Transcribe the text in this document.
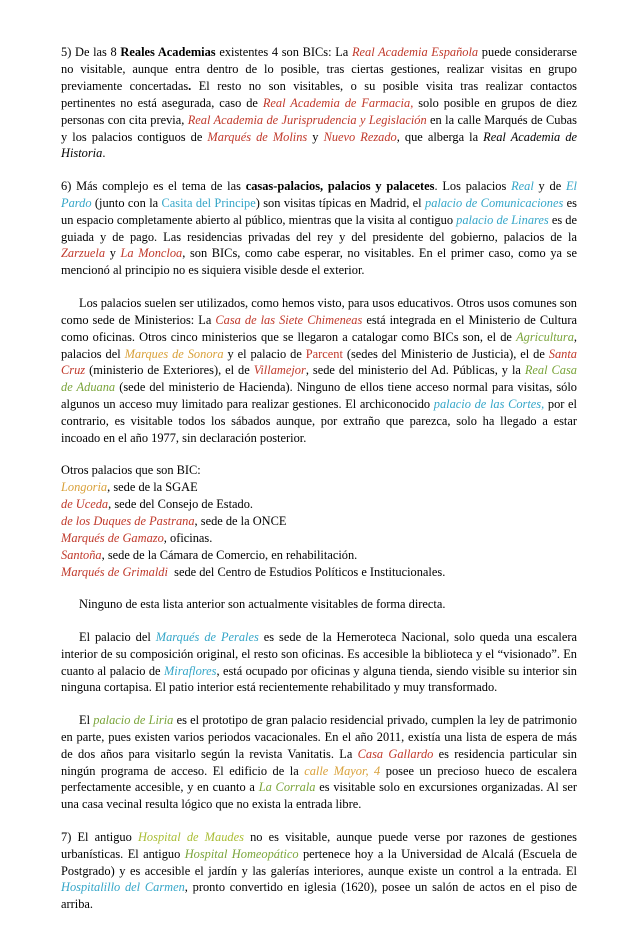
5) De las 8 Reales Academias existentes 4 son BICs: La Real Academia Española puede considerarse no visitable, aunque entra dentro de lo posible, tras ciertas gestiones, realizar visitas en grupo previamente concertadas. El resto no son visitables, o su posible visita tras realizar contactos pertinentes no está asegurada, caso de Real Academia de Farmacia, solo posible en grupos de diez personas con cita previa, Real Academia de Jurisprudencia y Legislación en la calle Marqués de Cubas y los palacios contiguos de Marqués de Molins y Nuevo Rezado, que alberga la Real Academia de Historia.

6) Más complejo es el tema de las casas-palacios, palacios y palacetes. Los palacios Real y de El Pardo (junto con la Casita del Principe) son visitas típicas en Madrid, el palacio de Comunicaciones es un espacio completamente abierto al público, mientras que la visita al contiguo palacio de Linares es de guiada y de pago. Las residencias privadas del rey y del presidente del gobierno, palacios de la Zarzuela y La Moncloa, son BICs, como cabe esperar, no visitables. En el primer caso, como ya se mencionó al principio no es siquiera visible desde el exterior.

Los palacios suelen ser utilizados, como hemos visto, para usos educativos. Otros usos comunes son como sede de Ministerios: La Casa de las Siete Chimeneas está integrada en el Ministerio de Cultura como oficinas. Otros cinco ministerios que se llegaron a catalogar como BICs son, el de Agricultura, palacios del Marques de Sonora y el palacio de Parcent (sedes del Ministerio de Justicia), el de Santa Cruz (ministerio de Exteriores), el de Villamejor, sede del ministerio del Ad. Públicas, y la Real Casa de Aduana (sede del ministerio de Hacienda). Ninguno de ellos tiene acceso normal para visitas, sólo algunos un acceso muy limitado para realizar gestiones. El archiconocido palacio de las Cortes, por el contrario, es visitable todos los sábados aunque, por extraño que parezca, solo ha llegado a estar incoado en el año 1977, sin declaración posterior.

Otros palacios que son BIC:
Longoria, sede de la SGAE
de Uceda, sede del Consejo de Estado.
de los Duques de Pastrana, sede de la ONCE
Marqués de Gamazo, oficinas.
Santoña, sede de la Cámara de Comercio, en rehabilitación.
Marqués de Grimaldi  sede del Centro de Estudios Políticos e Institucionales.

Ninguno de esta lista anterior son actualmente visitables de forma directa.

El palacio del Marqués de Perales es sede de la Hemeroteca Nacional, solo queda una escalera interior de su composición original, el resto son oficinas. Es accesible la biblioteca y el “visionado”. En cuanto al palacio de Miraflores, está ocupado por oficinas y alguna tienda, siendo visible su interior sin ninguna cortapisa. El patio interior está recientemente rehabilitado y muy transformado.

El palacio de Liria es el prototipo de gran palacio residencial privado, cumplen la ley de patrimonio en parte, pues existen varios periodos vacacionales. En el año 2011, existía una lista de espera de más de dos años para visitarlo según la revista Vanitatis. La Casa Gallardo es residencia particular sin ningún programa de acceso. El edificio de la calle Mayor, 4 posee un precioso hueco de escalera perfectamente accesible, y en cuanto a La Corrala es visitable solo en excursiones organizadas. Al ser una casa vecinal resulta lógico que no exista la entrada libre.

7) El antiguo Hospital de Maudes no es visitable, aunque puede verse por razones de gestiones urbanísticas. El antiguo Hospital Homeopático pertenece hoy a la Universidad de Alcalá (Escuela de Postgrado) y es accesible el jardín y las galerías interiores, aunque existe un control a la entrada. El Hospitalillo del Carmen, pronto convertido en iglesia (1620), posee un salón de actos en el piso de arriba.
